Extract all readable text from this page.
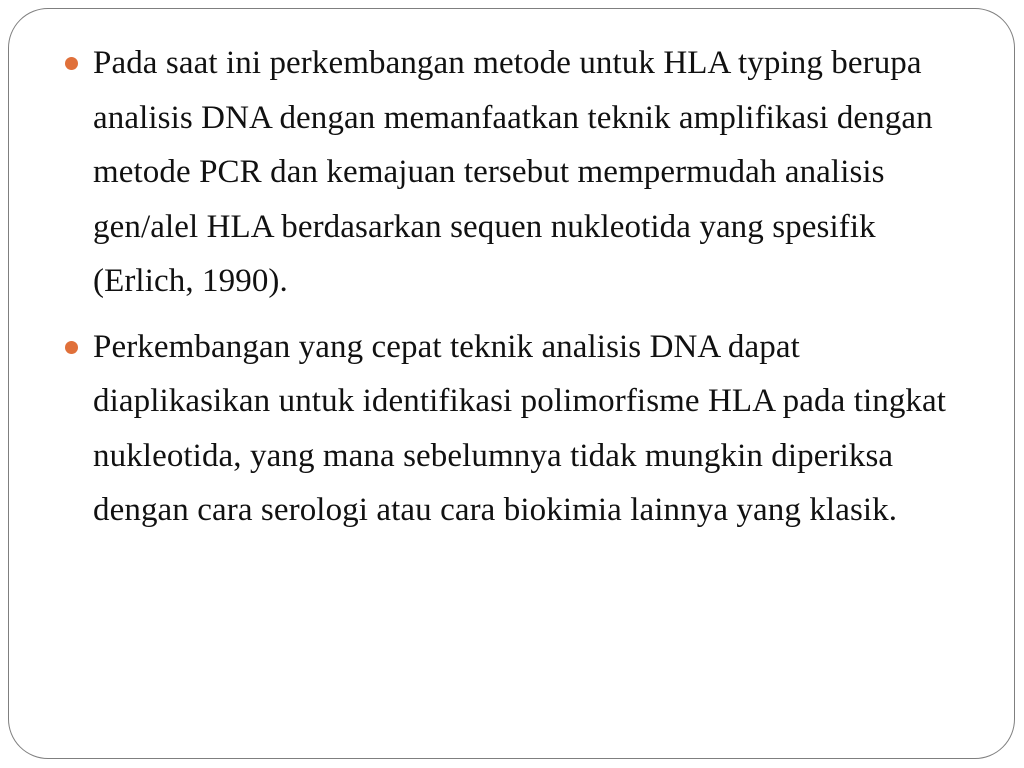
Pada saat ini perkembangan metode untuk HLA typing berupa analisis DNA dengan memanfaatkan teknik amplifikasi dengan metode PCR dan kemajuan tersebut mempermudah analisis gen/alel HLA berdasarkan sequen nukleotida yang spesifik (Erlich, 1990).
Perkembangan yang cepat teknik analisis DNA dapat diaplikasikan untuk identifikasi polimorfisme HLA pada tingkat nukleotida, yang mana sebelumnya tidak mungkin diperiksa dengan cara serologi atau cara biokimia lainnya yang klasik.
